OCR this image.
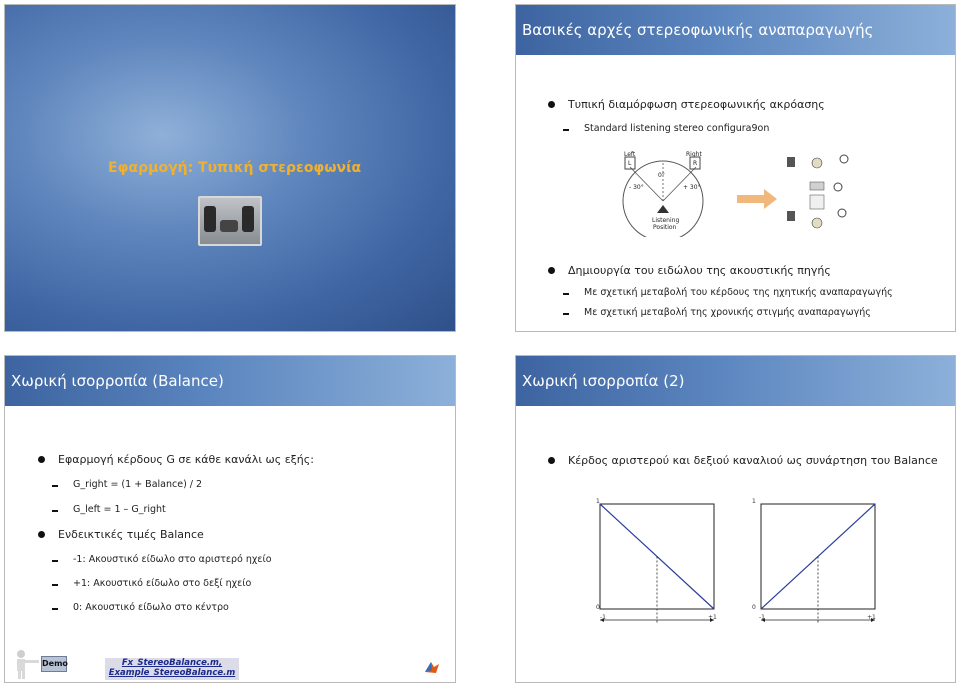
Εφαρμογή: Τυπική στερεοφωνία
Βασικές αρχές στερεοφωνικής αναπαραγωγής
Τυπική διαμόρφωση στερεοφωνικής ακρόασης
Standard listening stereo configura9on
Left
L
Right
R
- 30°
0°
+ 30°
Listening
Position
Δημιουργία του ειδώλου της ακουστικής πηγής
Με σχετική μεταβολή του κέρδους της ηχητικής αναπαραγωγής
Με σχετική μεταβολή της χρονικής στιγμής αναπαραγωγής
Χωρική ισορροπία (Balance)
Εφαρμογή κέρδους G σε κάθε κανάλι ως εξής:
G_right = (1 + Balance) / 2
G_left = 1 – G_right
Ενδεικτικές τιμές Balance
-1: Ακουστικό είδωλο στο αριστερό ηχείο
+1: Ακουστικό είδωλο στο δεξί ηχείο
0: Ακουστικό είδωλο στο κέντρο
Demo	Fx_StereoBalance.m,
Example_StereoBalance.m
Χωρική ισορροπία (2)
Κέρδος αριστερού και δεξιού καναλιού ως συνάρτηση του Balance
1
0
-1	+1
1
0
-1	+1
